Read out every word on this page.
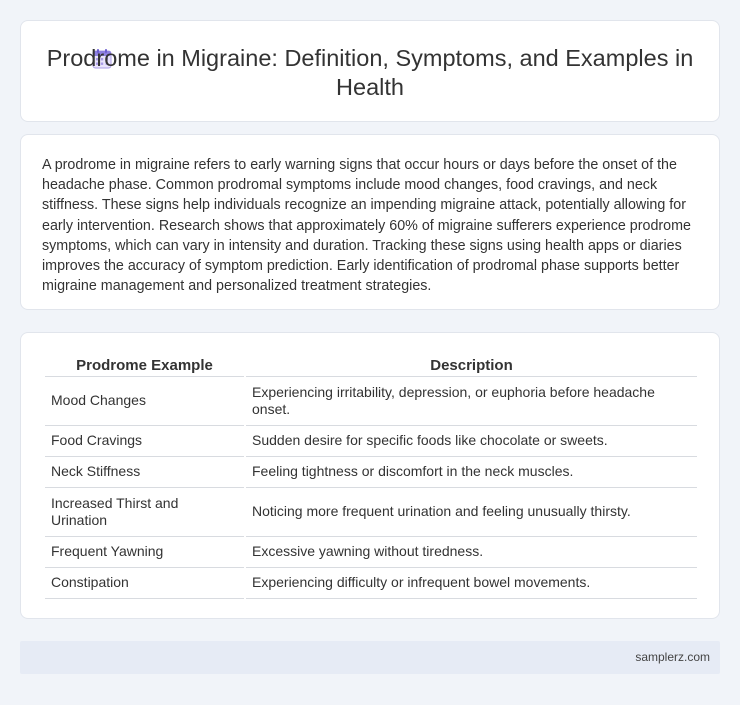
Prodrome in Migraine: Definition, Symptoms, and Examples in Health

A prodrome in migraine refers to early warning signs that occur hours or days before the onset of the headache phase. Common prodromal symptoms include mood changes, food cravings, and neck stiffness. These signs help individuals recognize an impending migraine attack, potentially allowing for early intervention. Research shows that approximately 60% of migraine sufferers experience prodrome symptoms, which can vary in intensity and duration. Tracking these signs using health apps or diaries improves the accuracy of symptom prediction. Early identification of prodromal phase supports better migraine management and personalized treatment strategies.

Prodrome Example	Description
Mood Changes	Experiencing irritability, depression, or euphoria before headache onset.
Food Cravings	Sudden desire for specific foods like chocolate or sweets.
Neck Stiffness	Feeling tightness or discomfort in the neck muscles.
Increased Thirst and Urination	Noticing more frequent urination and feeling unusually thirsty.
Frequent Yawning	Excessive yawning without tiredness.
Constipation	Experiencing difficulty or infrequent bowel movements.
samplerz.com
